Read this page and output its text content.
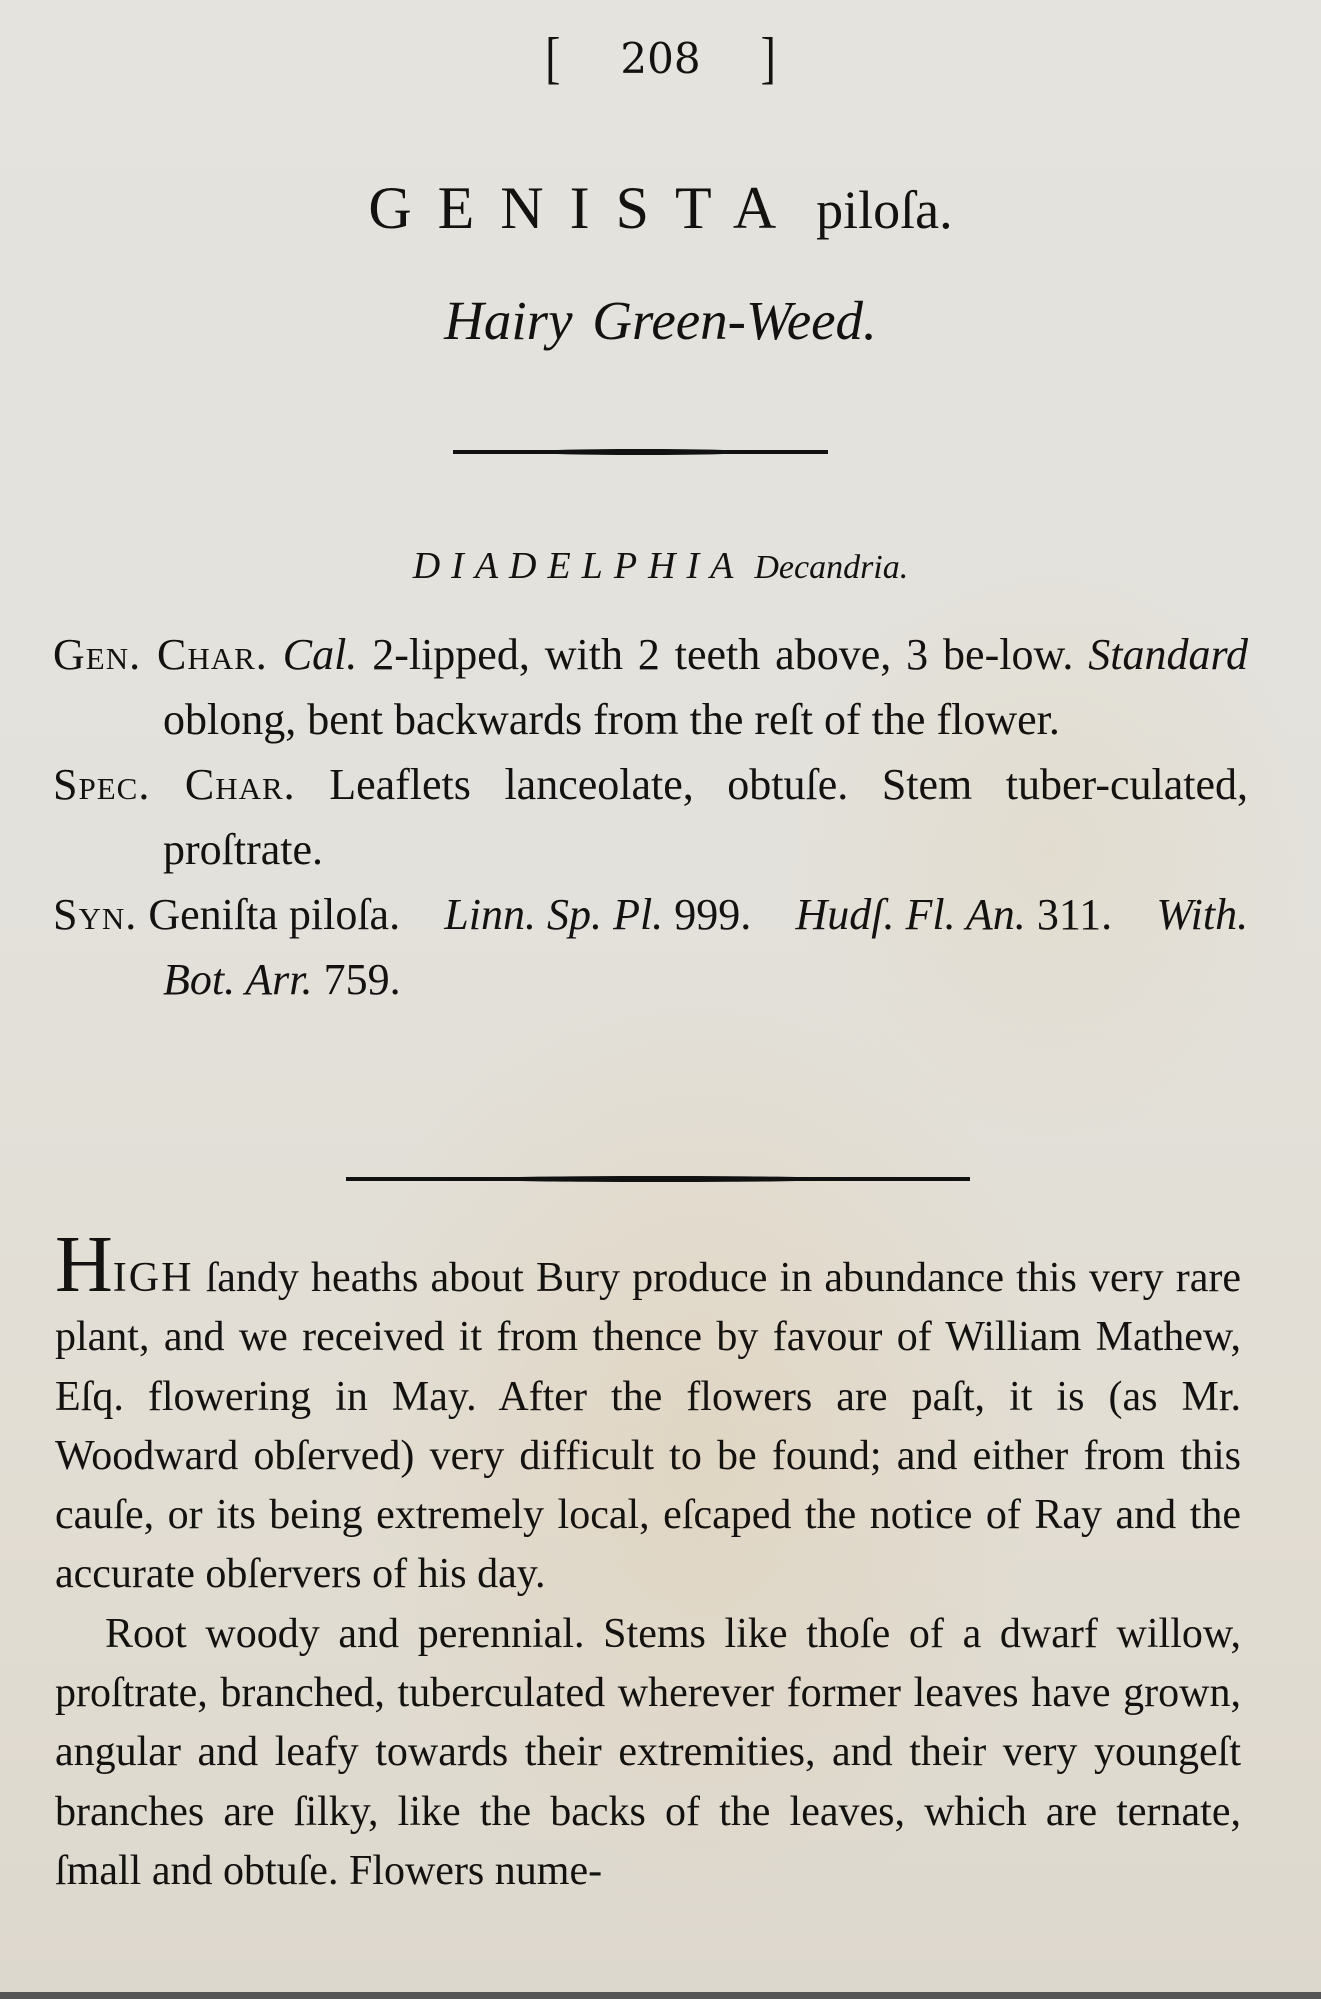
[ 208 ]
GENISTA piloſa.
Hairy Green-Weed.
DIADELPHIA Decandria.
Gen. Char. Cal. 2-lipped, with 2 teeth above, 3 be-low. Standard oblong, bent backwards from the reſt of the flower.
Spec. Char. Leaflets lanceolate, obtuſe. Stem tuber-culated, proſtrate.
Syn. Geniſta piloſa. Linn. Sp. Pl. 999. Hudſ. Fl. An. 311. With. Bot. Arr. 759.

HIGH ſandy heaths about Bury produce in abundance this very rare plant, and we received it from thence by favour of William Mathew, Eſq. flowering in May. After the flowers are paſt, it is (as Mr. Woodward obſerved) very difficult to be found; and either from this cauſe, or its being extremely local, eſcaped the notice of Ray and the accurate obſervers of his day.

Root woody and perennial. Stems like thoſe of a dwarf willow, proſtrate, branched, tuberculated wherever former leaves have grown, angular and leafy towards their extremities, and their very youngeſt branches are ſilky, like the backs of the leaves, which are ternate, ſmall and obtuſe. Flowers nume-
